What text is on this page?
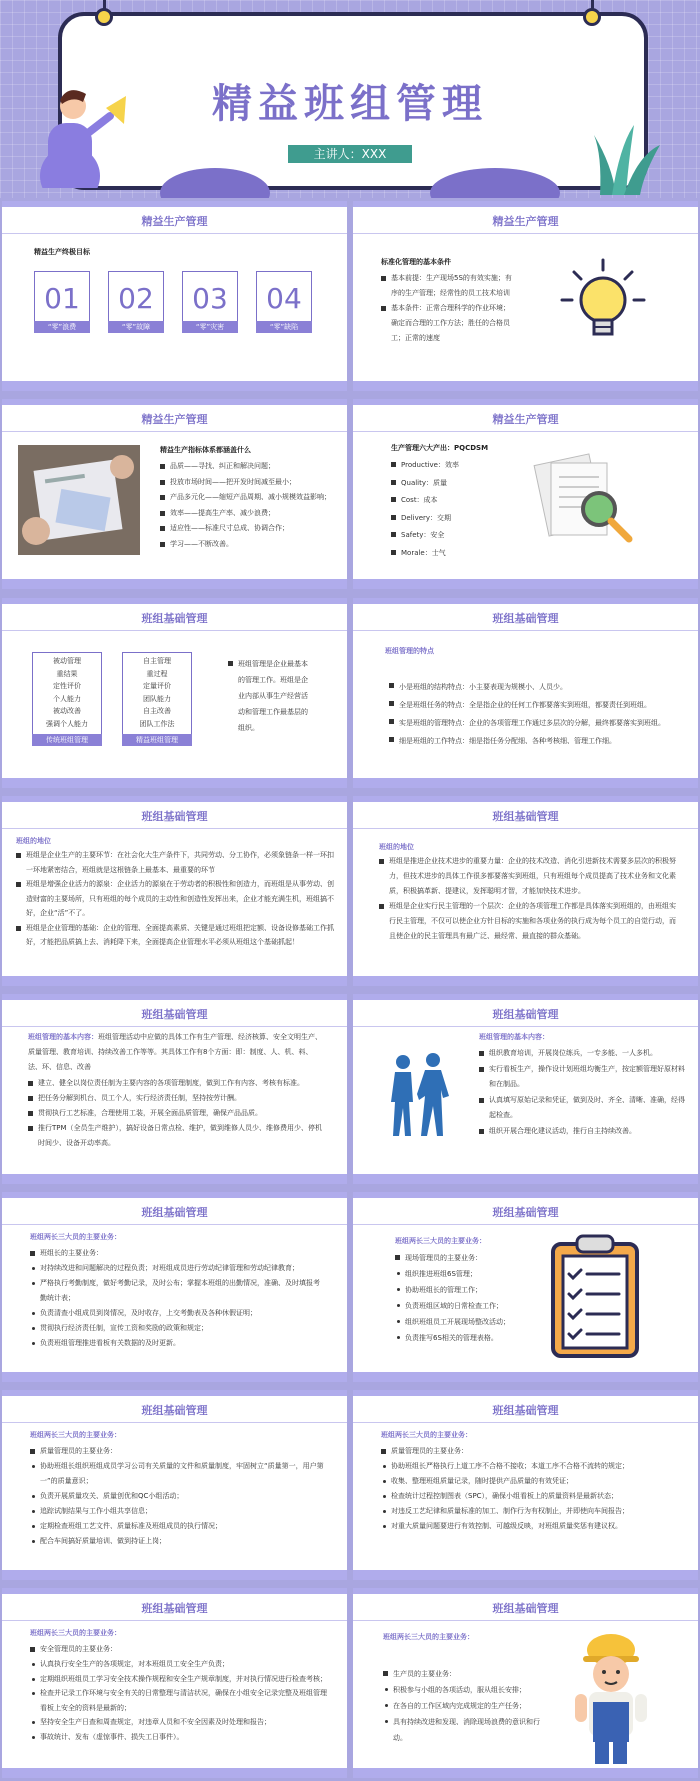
精益班组管理
主讲人：XXX
精益生产管理
精益生产终极目标
01
“零”浪费
02
“零”故障
03
“零”灾害
04
“零”缺陷
精益生产管理
标准化管理的基本条件
基本前提：生产现场5S的有效实施；有序的生产管理；经常性的员工技术培训
基本条件：正常合理科学的作业环境；确定而合理的工作方法；胜任的合格员工；正常的速度
精益生产管理
精益生产指标体系都涵盖什么
品质——寻找、纠正和解决问题；
投放市场时间——把开发时间减至最小；
产品多元化——缩短产品周期、减小规模效益影响；
效率——提高生产率、减少浪费；
适应性——标准尺寸总成、协调合作；
学习——不断改善。
精益生产管理
生产管理六大产出：PQCDSM
Productive：效率
Quality：质量
Cost：成本
Delivery：交期
Safety：安全
Morale：士气
班组基础管理
被动管理
重结果
定性评价
个人能力
被动改善
强调个人能力
传统班组管理
自主管理
重过程
定量评价
团队能力
自主改善
团队工作法
精益班组管理
班组管理是企业最基本的管理工作。班组是企业内部从事生产经营活动和管理工作最基层的组织。
班组基础管理
班组管理的特点
小是班组的结构特点：小主要表现为规模小、人员少。
全是班组任务的特点：全是指企业的任何工作都要落实到班组，都要责任到班组。
实是班组的管理特点：企业的各项管理工作通过多层次的分解，最终都要落实到班组。
细是班组的工作特点：细是指任务分配细、各种考核细、管理工作细。
班组基础管理
班组的地位
班组是企业生产的主要环节：在社会化大生产条件下，共同劳动、分工协作，必须象链条一样一环扣一环地紧密结合，班组就是这根链条上最基本、最重要的环节
班组是增强企业活力的源泉：企业活力的源泉在于劳动者的积极性和创造力，而班组是从事劳动、创造财富的主要场所，只有班组的每个成员的主动性和创造性发挥出来，企业才能充满生机，班组搞不好，企业“活”不了。
班组是企业管理的基础：企业的管理、全面提高素质、关键是通过班组把定额、设备设修基础工作抓好，才能把品质搞上去、消耗降下来，全面提高企业管理水平必须从班组这个基础抓起！
班组基础管理
班组的地位
班组是推进企业技术进步的重要力量：企业的技术改造、消化引进新技术需要多层次的积极努力，但技术进步的具体工作很多都要落实到班组，只有班组每个成员提高了技术业务和文化素质，积极搞革新、提建议，发挥聪明才智，才能加快技术进步。
班组是企业实行民主管理的一个层次：企业的各项管理工作都是具体落实到班组的，由班组实行民主管理，不仅可以使企业方针目标的实施和各项业务的执行成为每个员工的自觉行动，而且使企业的民主管理具有最广泛、最经常、最直接的群众基础。
班组基础管理
班组管理的基本内容：班组管理活动中应做的具体工作有生产管理、经济核算、安全文明生产、质量管理、教育培训、持续改善工作等等。其具体工作有8个方面：即：制度、人、机、料、法、环、信息、改善
建立、健全以岗位责任制为主要内容的各项管理制度，做到工作有内容、考核有标准。
把任务分解到机台、员工个人，实行经济责任制，坚持按劳计酬。
贯彻执行工艺标准，合理使用工装，开展全面品质管理，确保产品品质。
推行TPM（全员生产维护），搞好设备日常点检、维护，做到维修人员少、维修费用少、停机时间少、设备开动率高。
班组基础管理
班组管理的基本内容：
组织教育培训，开展岗位练兵，一专多能、一人多机。
实行看板生产，操作设计划班组均衡生产，按定额管理好原材料和在制品。
认真填写原始记录和凭证，做到及时、齐全、清晰、准确，经得起检查。
组织开展合理化建议活动，推行自主持续改善。
班组基础管理
班组两长三大员的主要业务：
班组长的主要业务：
对持续改进和问题解决的过程负责；对班组成员进行劳动纪律管理和劳动纪律教育；
严格执行考勤制度，做好考勤记录，及时公布；掌握本班组的出勤情况，准确、及时填报考勤统计表；
负责清查小组成员到岗情况，及时收存，上交考勤表及各种休假证明；
贯彻执行经济责任制，宣传工资和奖励的政策和规定；
负责班组管理推进看板有关数据的及时更新。
班组基础管理
班组两长三大员的主要业务：
现场管理员的主要业务：
组织推进班组6S管理；
协助班组长的管理工作；
负责班组区域的日常检查工作；
组织班组员工开展现场整改活动；
负责推写6S相关的管理表格。
班组基础管理
班组两长三大员的主要业务：
质量管理员的主要业务：
协助班组长组织班组成员学习公司有关质量的文件和质量制度，牢固树立“质量第一，用户第一”的质量意识；
负责开展质量攻关、质量创优和QC小组活动；
追踪试制结果与工作小组共享信息；
定期检查班组工艺文件、质量标准及班组成员的执行情况；
配合车间搞好质量培训、做到持证上岗；
班组基础管理
班组两长三大员的主要业务：
质量管理员的主要业务：
协助班组长严格执行上道工序不合格不接收；本道工序不合格不流转的规定；
收集、整理班组质量记录，随时提供产品质量的有效凭证；
检查统计过程控制图表（SPC），确保小组看板上的质量资料是最新状态；
对违反工艺纪律和质量标准的加工、制作行为有权制止，并即使向车间报告；
对重大质量问题要进行有效控制、可越级反映，对班组质量奖惩有建议权。
班组基础管理
班组两长三大员的主要业务：
安全管理员的主要业务：
认真执行安全生产的各项规定，对本班组员工安全生产负责；
定期组织班组员工学习安全技术操作规程和安全生产规章制度，并对执行情况进行检查考核；
检查并记录工作环境与安全有关的日常整理与清洁状况，确保在小组安全记录完整及班组管理看板上安全的资料是最新的；
坚持安全生产日查和周查规定，对违章人员和不安全因素及时处理和报告；
事故统计、发布（虚惊事件、损失工日事件）。
班组基础管理
班组两长三大员的主要业务：
生产员的主要业务：
积极参与小组的各项活动，服从组长安排；
在各自的工作区域内完成规定的生产任务；
具有持续改进和发现、消除现场浪费的意识和行动。
